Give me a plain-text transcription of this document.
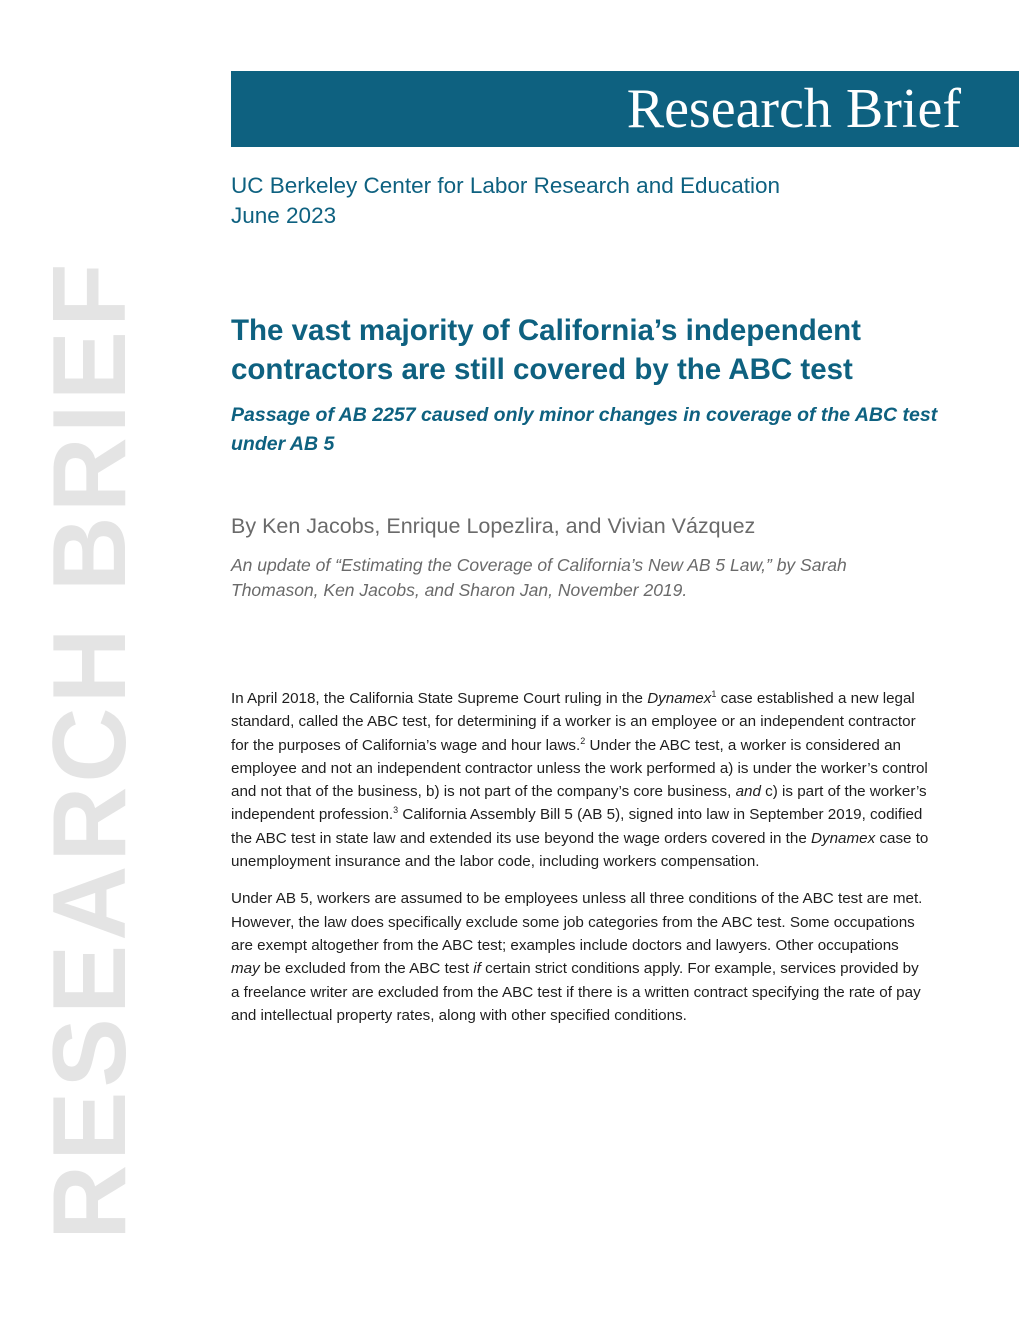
Research Brief
RESEARCH BRIEF
UC Berkeley Center for Labor Research and Education
June 2023
The vast majority of California’s independent contractors are still covered by the ABC test

Passage of AB 2257 caused only minor changes in coverage of the ABC test under AB 5

By Ken Jacobs, Enrique Lopezlira, and Vivian Vázquez

An update of “Estimating the Coverage of California’s New AB 5 Law,” by Sarah Thomason, Ken Jacobs, and Sharon Jan, November 2019.

In April 2018, the California State Supreme Court ruling in the Dynamex$^1$ case established a new legal standard, called the ABC test, for determining if a worker is an employee or an independent contractor for the purposes of California’s wage and hour laws.$^2$ Under the ABC test, a worker is considered an employee and not an independent contractor unless the work performed a) is under the worker’s control and not that of the business, b) is not part of the company’s core business, and c) is part of the worker’s independent profession.$^3$ California Assembly Bill 5 (AB 5), signed into law in September 2019, codified the ABC test in state law and extended its use beyond the wage orders covered in the Dynamex case to unemployment insurance and the labor code, including workers compensation.

Under AB 5, workers are assumed to be employees unless all three conditions of the ABC test are met. However, the law does specifically exclude some job categories from the ABC test. Some occupations are exempt altogether from the ABC test; examples include doctors and lawyers. Other occupations may be excluded from the ABC test if certain strict conditions apply. For example, services provided by a freelance writer are excluded from the ABC test if there is a written contract specifying the rate of pay and intellectual property rates, along with other specified conditions.
